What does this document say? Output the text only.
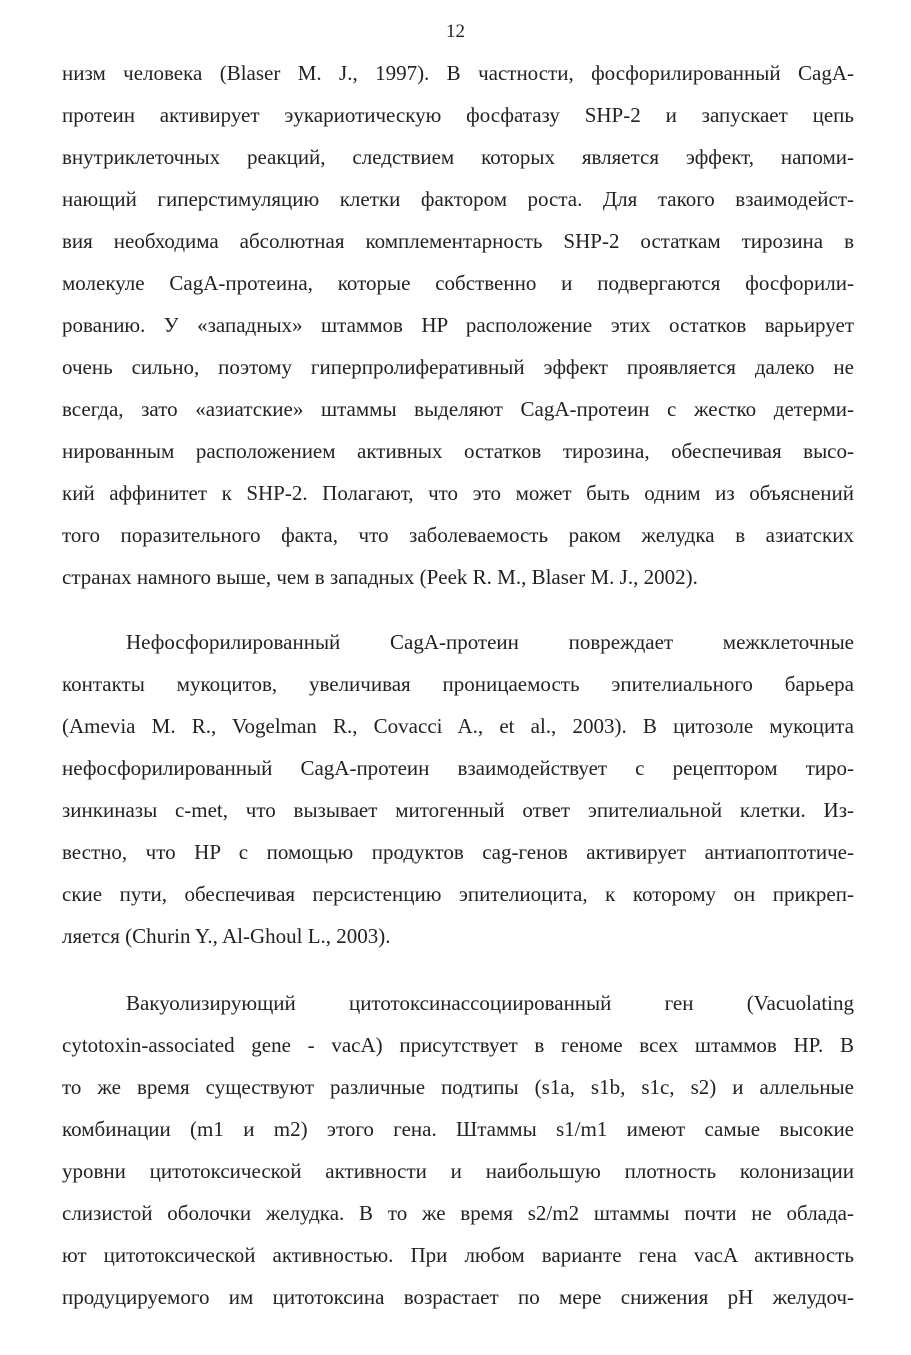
12
низм человека (Blaser M. J., 1997). В частности, фосфорилированный CagA-
протеин активирует эукариотическую фосфатазу SHP-2 и запускает цепь
внутриклеточных реакций, следствием которых является эффект, напоми-
нающий гиперстимуляцию клетки фактором роста. Для такого взаимодейст-
вия необходима абсолютная комплементарность SHP-2 остаткам тирозина в
молекуле CagA-протеина, которые собственно и подвергаются фосфорили-
рованию. У «западных» штаммов HP расположение этих остатков варьирует
очень сильно, поэтому гиперпролиферативный эффект проявляется далеко не
всегда, зато «азиатские» штаммы выделяют CagA-протеин с жестко детерми-
нированным расположением активных остатков тирозина, обеспечивая высо-
кий аффинитет к SHP-2. Полагают, что это может быть одним из объяснений
того поразительного факта, что заболеваемость раком желудка в азиатских
странах намного выше, чем в западных (Peek R. M., Blaser M. J., 2002).
Нефосфорилированный CagA-протеин повреждает межклеточные
контакты мукоцитов, увеличивая проницаемость эпителиального барьера
(Amevia M. R., Vogelman R., Covacci A., et al., 2003). В цитозоле мукоцита
нефосфорилированный CagA-протеин взаимодействует с рецептором тиро-
зинкиназы c-met, что вызывает митогенный ответ эпителиальной клетки. Из-
вестно, что HP с помощью продуктов cag-генов активирует антиапоптотиче-
ские пути, обеспечивая персистенцию эпителиоцита, к которому он прикреп-
ляется (Churin Y., Al-Ghoul L., 2003).
Вакуолизирующий цитотоксинассоциированный ген (Vacuolating
cytotoxin-associated gene - vacA) присутствует в геноме всех штаммов HP. В
то же время существуют различные подтипы (s1a, s1b, s1c, s2) и аллельные
комбинации (m1 и m2) этого гена. Штаммы s1/m1 имеют самые высокие
уровни цитотоксической активности и наибольшую плотность колонизации
слизистой оболочки желудка. В то же время s2/m2 штаммы почти не облада-
ют цитотоксической активностью. При любом варианте гена vacA активность
продуцируемого им цитотоксина возрастает по мере снижения pH желудоч-
